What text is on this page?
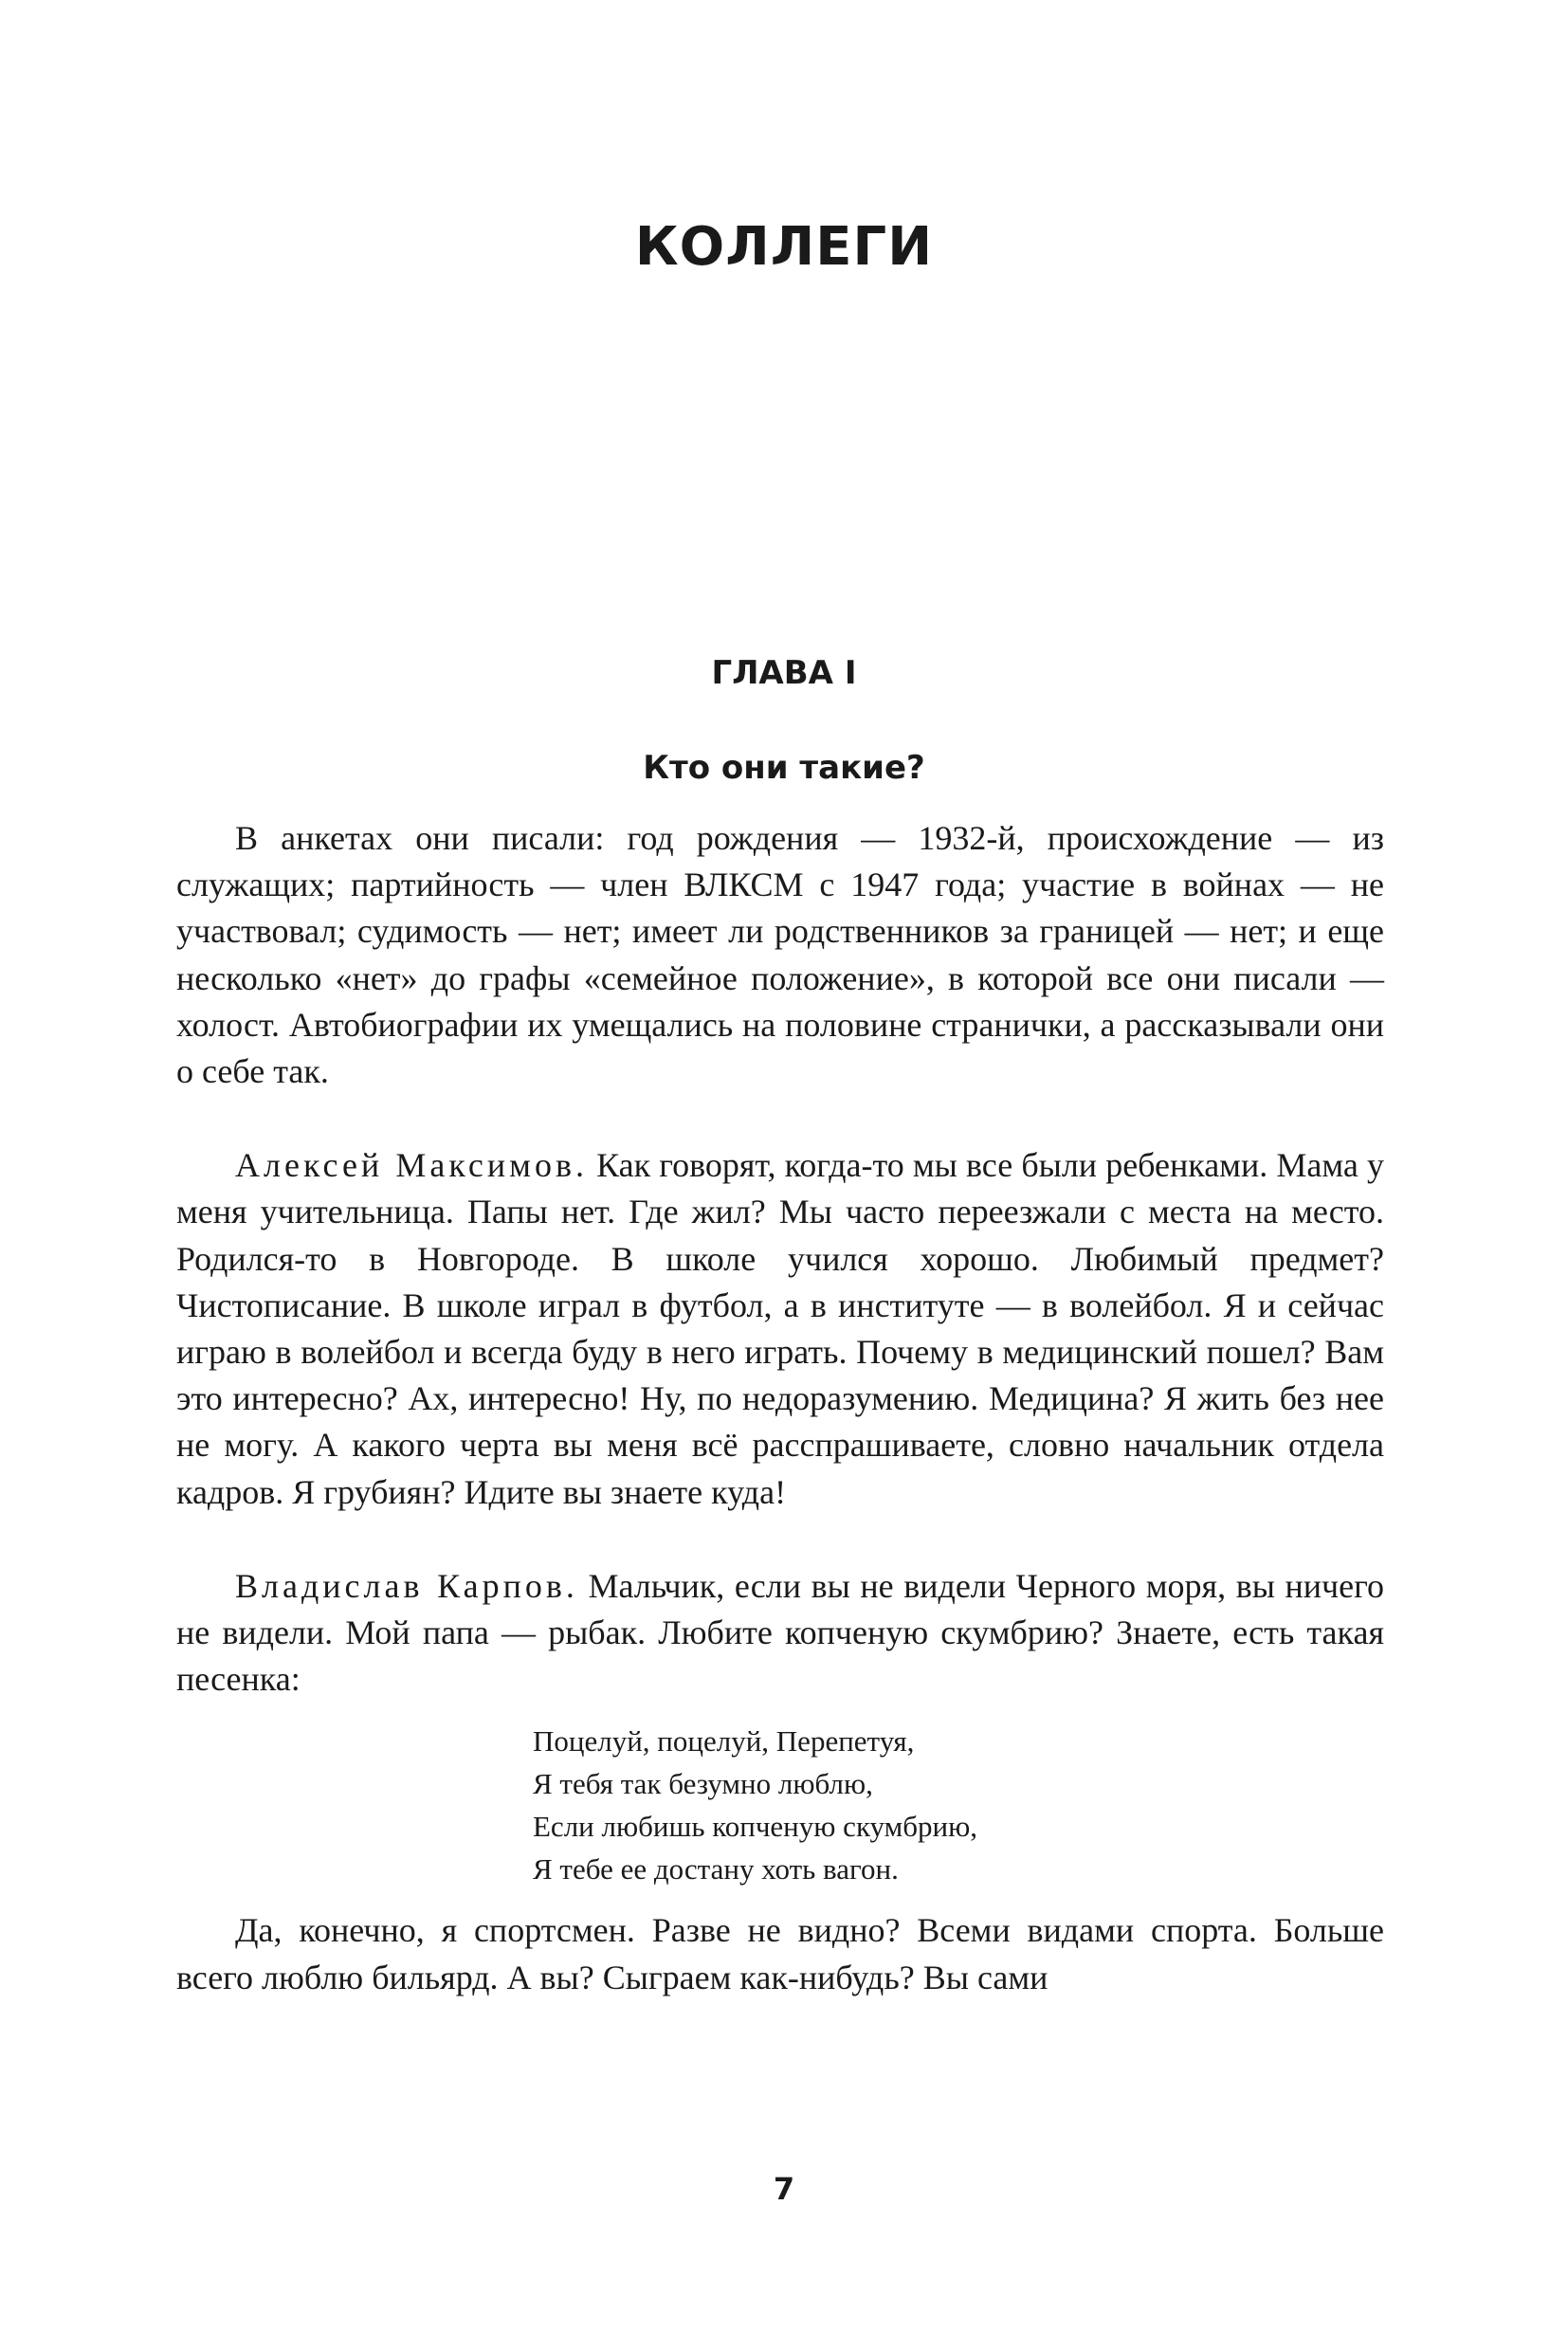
КОЛЛЕГИ
ГЛАВА I
Кто они такие?

В анкетах они писали: год рождения — 1932-й, происхождение — из служащих; партийность — член ВЛКСМ с 1947 года; участие в войнах — не участвовал; судимость — нет; имеет ли родственников за границей — нет; и еще несколько «нет» до графы «семейное положение», в которой все они писали — холост. Автобиографии их умещались на половине странички, а рассказывали они о себе так.

Алексей Максимов. Как говорят, когда-то мы все были ребенками. Мама у меня учительница. Папы нет. Где жил? Мы часто переезжали с места на место. Родился-то в Новгороде. В школе учился хорошо. Любимый предмет? Чистописание. В школе играл в футбол, а в институте — в волейбол. Я и сейчас играю в волейбол и всегда буду в него играть. Почему в медицинский пошел? Вам это интересно? Ах, интересно! Ну, по недоразумению. Медицина? Я жить без нее не могу. А какого черта вы меня всё расспрашиваете, словно начальник отдела кадров. Я грубиян? Идите вы знаете куда!

Владислав Карпов. Мальчик, если вы не видели Черного моря, вы ничего не видели. Мой папа — рыбак. Любите копченую скумбрию? Знаете, есть такая песенка:

Поцелуй, поцелуй, Перепетуя,
Я тебя так безумно люблю,
Если любишь копченую скумбрию,
Я тебе ее достану хоть вагон.

Да, конечно, я спортсмен. Разве не видно? Всеми видами спорта. Больше всего люблю бильярд. А вы? Сыграем как-нибудь? Вы сами

7
